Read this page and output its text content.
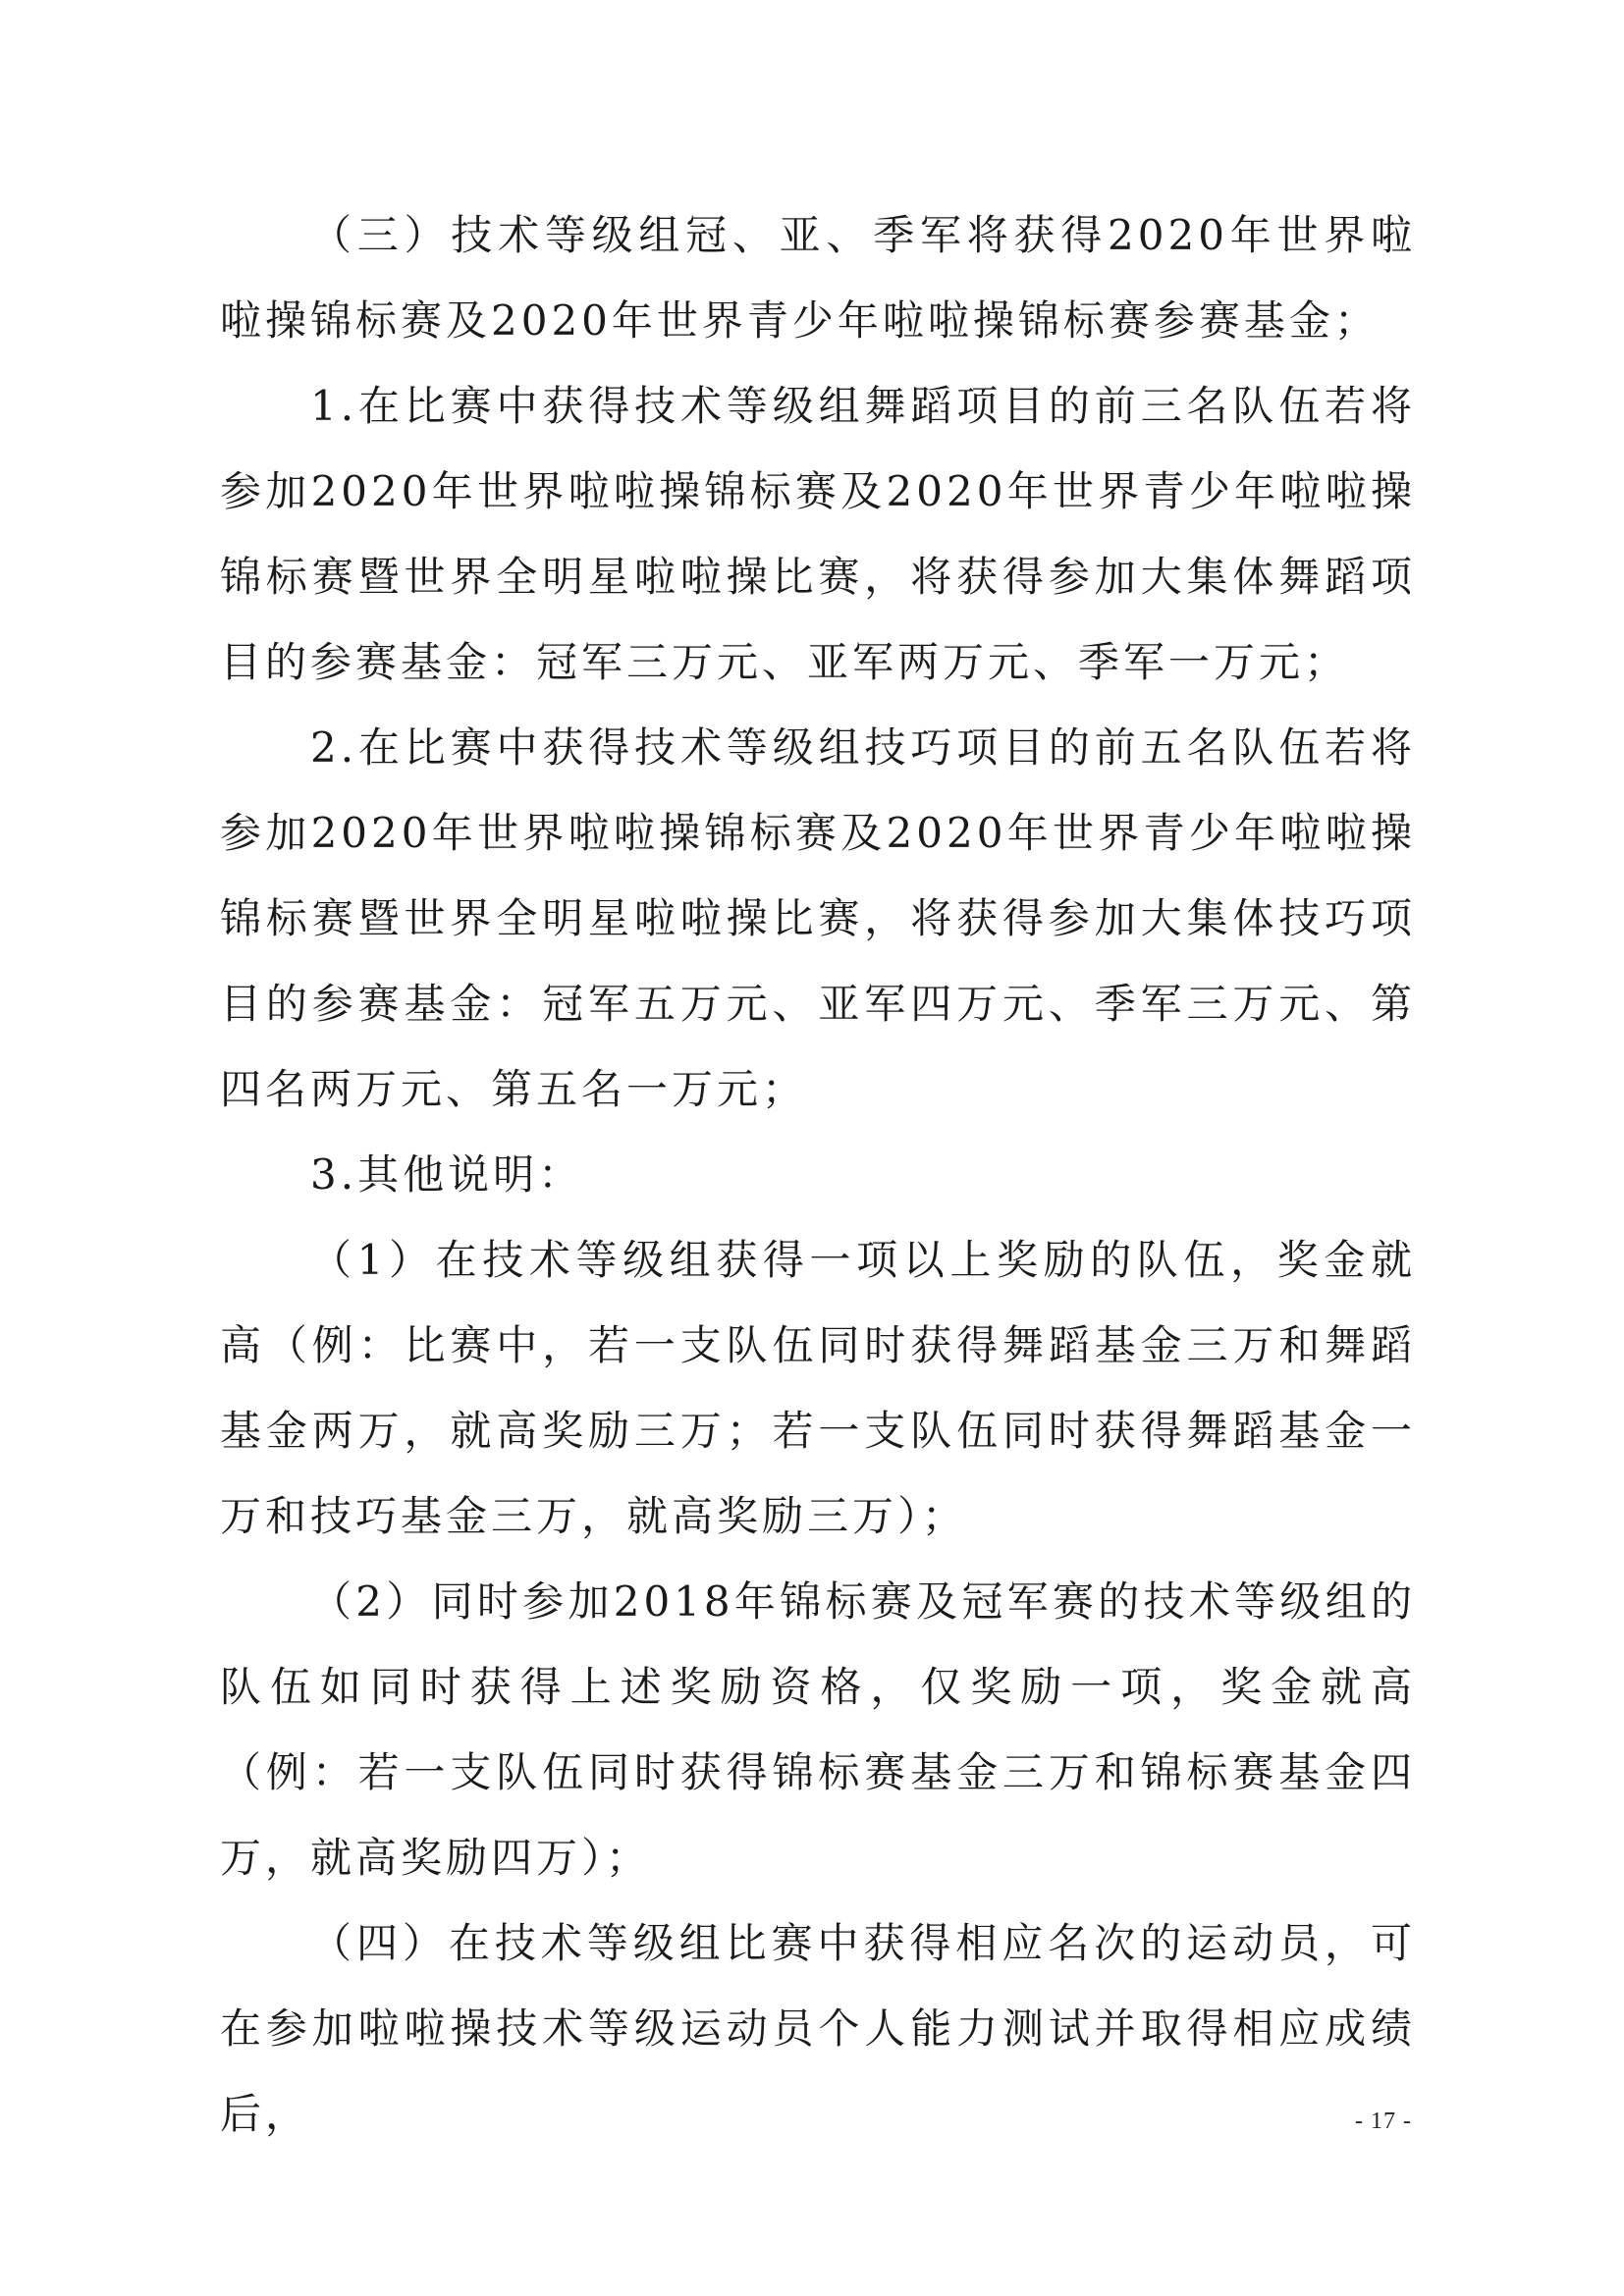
（三）技术等级组冠、亚、季军将获得2020年世界啦啦操锦标赛及2020年世界青少年啦啦操锦标赛参赛基金；

1.在比赛中获得技术等级组舞蹈项目的前三名队伍若将参加2020年世界啦啦操锦标赛及2020年世界青少年啦啦操锦标赛暨世界全明星啦啦操比赛，将获得参加大集体舞蹈项目的参赛基金：冠军三万元、亚军两万元、季军一万元；

2.在比赛中获得技术等级组技巧项目的前五名队伍若将参加2020年世界啦啦操锦标赛及2020年世界青少年啦啦操锦标赛暨世界全明星啦啦操比赛，将获得参加大集体技巧项目的参赛基金：冠军五万元、亚军四万元、季军三万元、第四名两万元、第五名一万元；

3.其他说明：

（1）在技术等级组获得一项以上奖励的队伍，奖金就高（例：比赛中，若一支队伍同时获得舞蹈基金三万和舞蹈基金两万，就高奖励三万；若一支队伍同时获得舞蹈基金一万和技巧基金三万，就高奖励三万）；

（2）同时参加2018年锦标赛及冠军赛的技术等级组的队伍如同时获得上述奖励资格，仅奖励一项，奖金就高（例：若一支队伍同时获得锦标赛基金三万和锦标赛基金四万，就高奖励四万）；

（四）在技术等级组比赛中获得相应名次的运动员，可在参加啦啦操技术等级运动员个人能力测试并取得相应成绩后，	- 17 -
